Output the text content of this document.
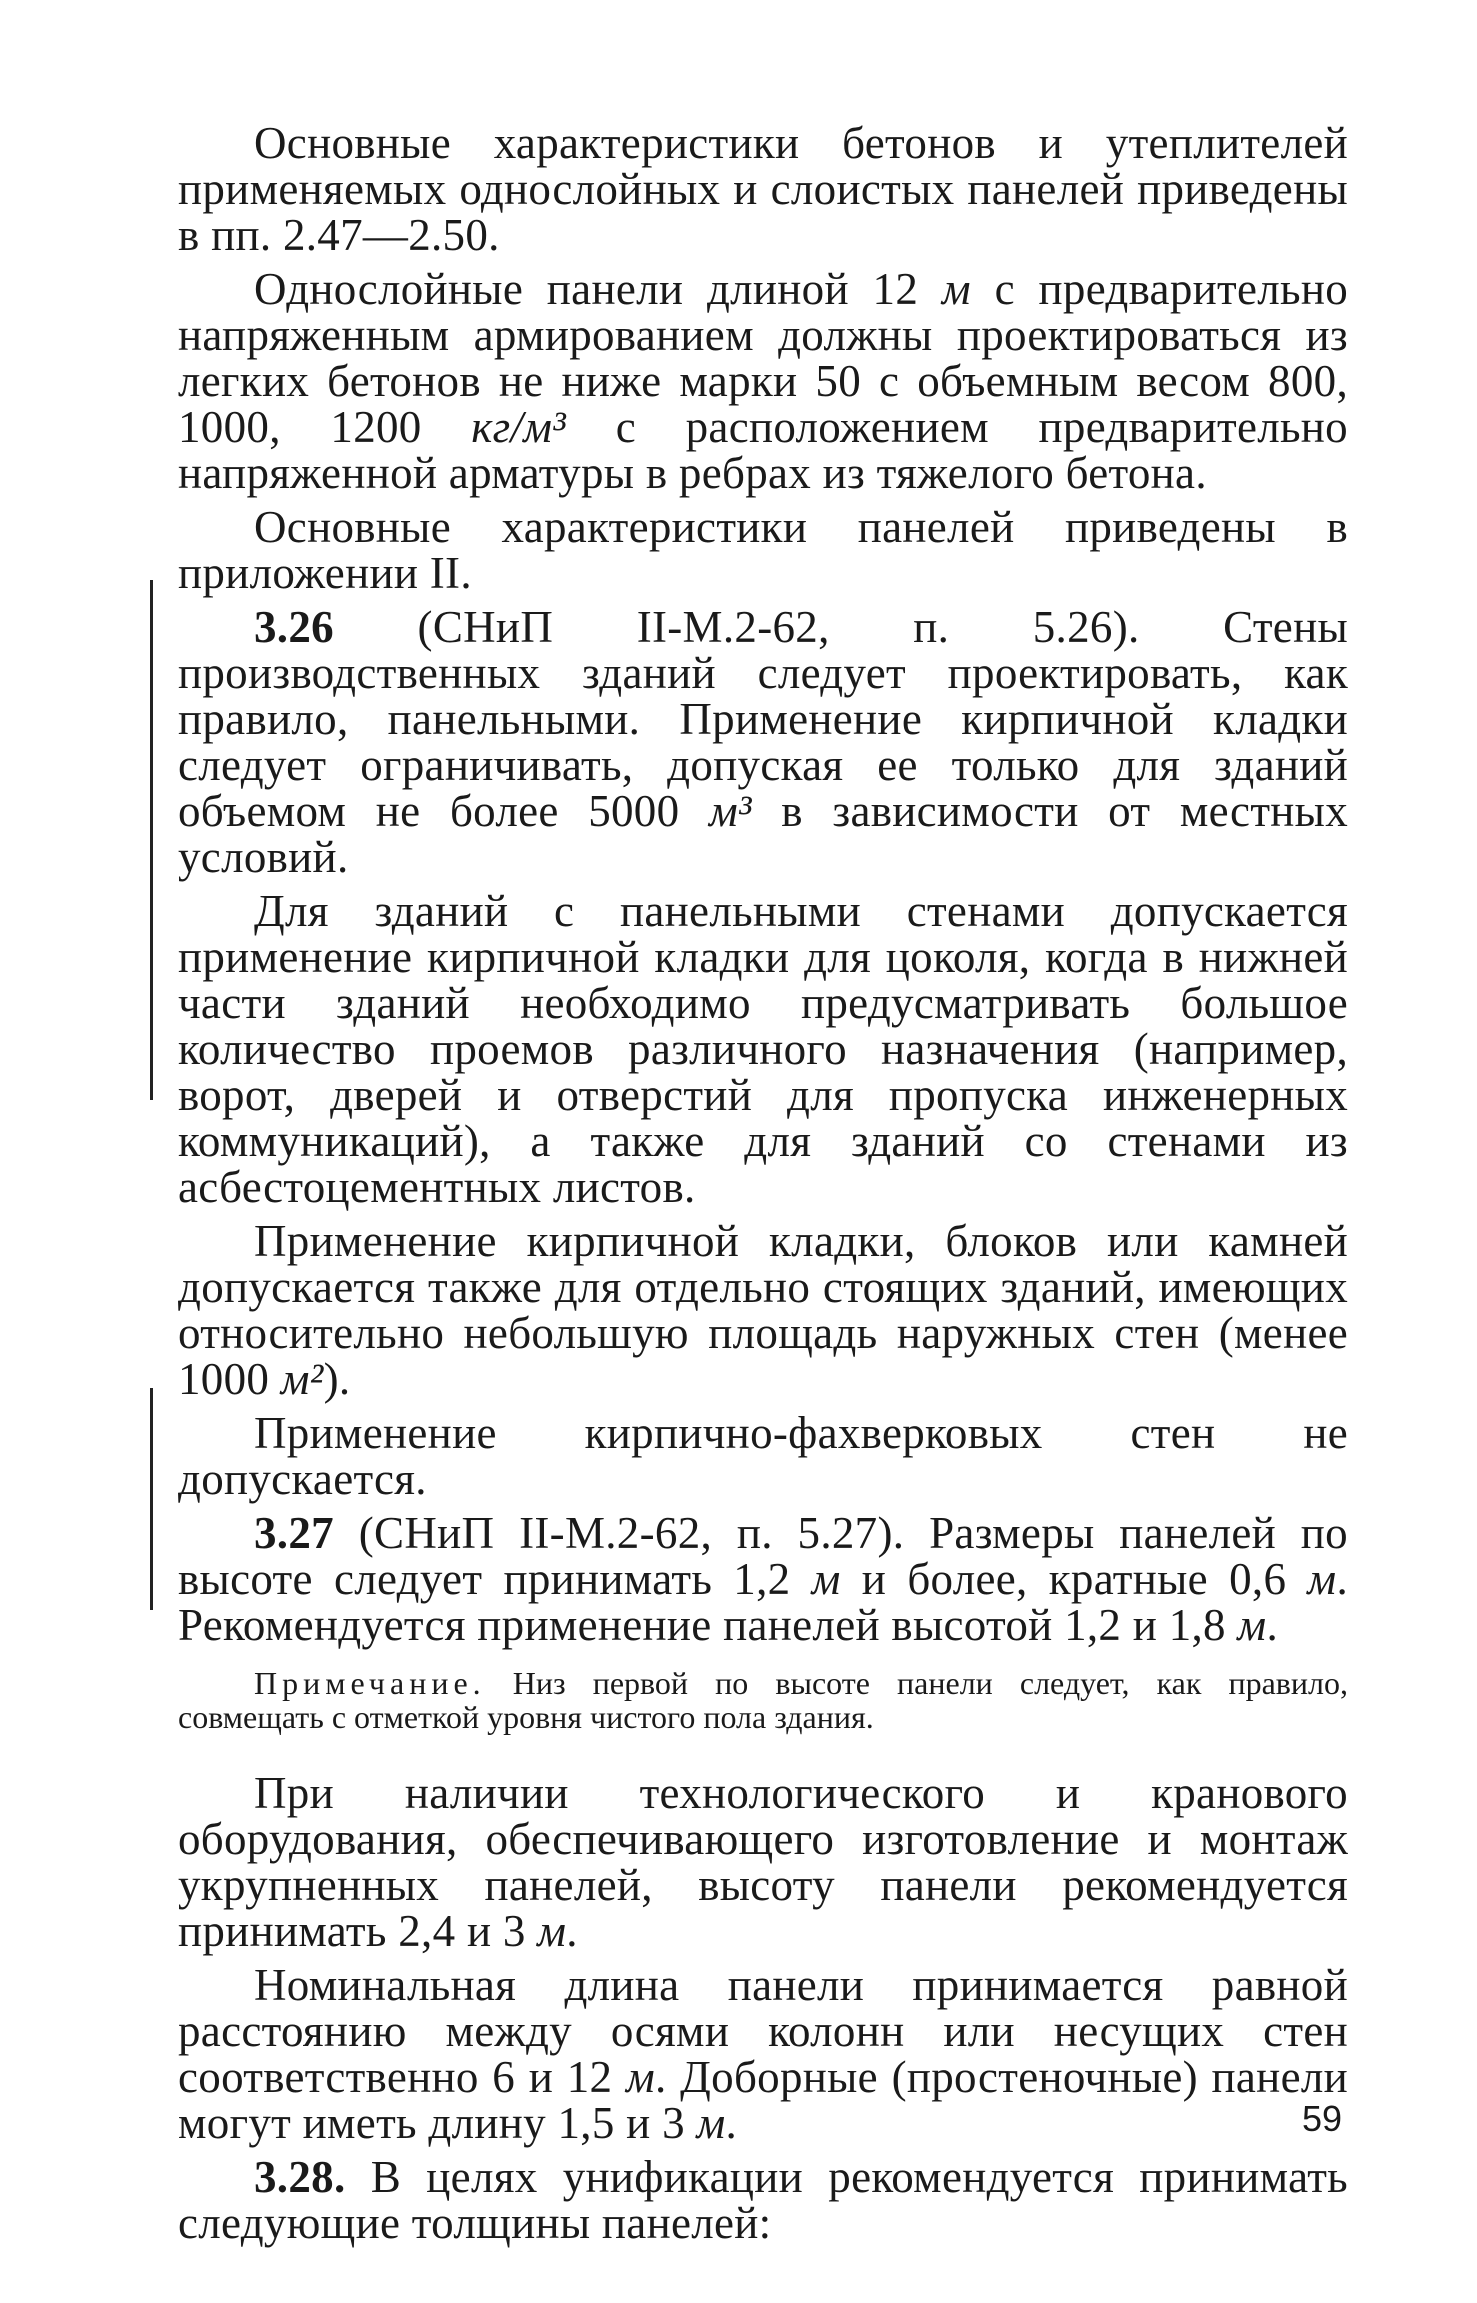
Основные характеристики бетонов и утеплителей применяемых однослойных и слоистых панелей приведены в пп. 2.47—2.50.

Однослойные панели длиной 12 м с предварительно напряженным армированием должны проектироваться из легких бетонов не ниже марки 50 с объемным весом 800, 1000, 1200 кг/м³ с расположением предварительно напряженной арматуры в ребрах из тяжелого бетона.

Основные характеристики панелей приведены в приложении II.

3.26 (СНиП II-М.2-62, п. 5.26). Стены производственных зданий следует проектировать, как правило, панельными. Применение кирпичной кладки следует ограничивать, допуская ее только для зданий объемом не более 5000 м³ в зависимости от местных условий.

Для зданий с панельными стенами допускается применение кирпичной кладки для цоколя, когда в нижней части зданий необходимо предусматривать большое количество проемов различного назначения (например, ворот, дверей и отверстий для пропуска инженерных коммуникаций), а также для зданий со стенами из асбестоцементных листов.

Применение кирпичной кладки, блоков или камней допускается также для отдельно стоящих зданий, имеющих относительно небольшую площадь наружных стен (менее 1000 м²).

Применение кирпично-фахверковых стен не допускается.

3.27 (СНиП II-М.2-62, п. 5.27). Размеры панелей по высоте следует принимать 1,2 м и более, кратные 0,6 м. Рекомендуется применение панелей высотой 1,2 и 1,8 м.

Примечание. Низ первой по высоте панели следует, как правило, совмещать с отметкой уровня чистого пола здания.

При наличии технологического и кранового оборудования, обеспечивающего изготовление и монтаж укрупненных панелей, высоту панели рекомендуется принимать 2,4 и 3 м.

Номинальная длина панели принимается равной расстоянию между осями колонн или несущих стен соответственно 6 и 12 м. Доборные (простеночные) панели могут иметь длину 1,5 и 3 м.

3.28. В целях унификации рекомендуется принимать следующие толщины панелей:

59
